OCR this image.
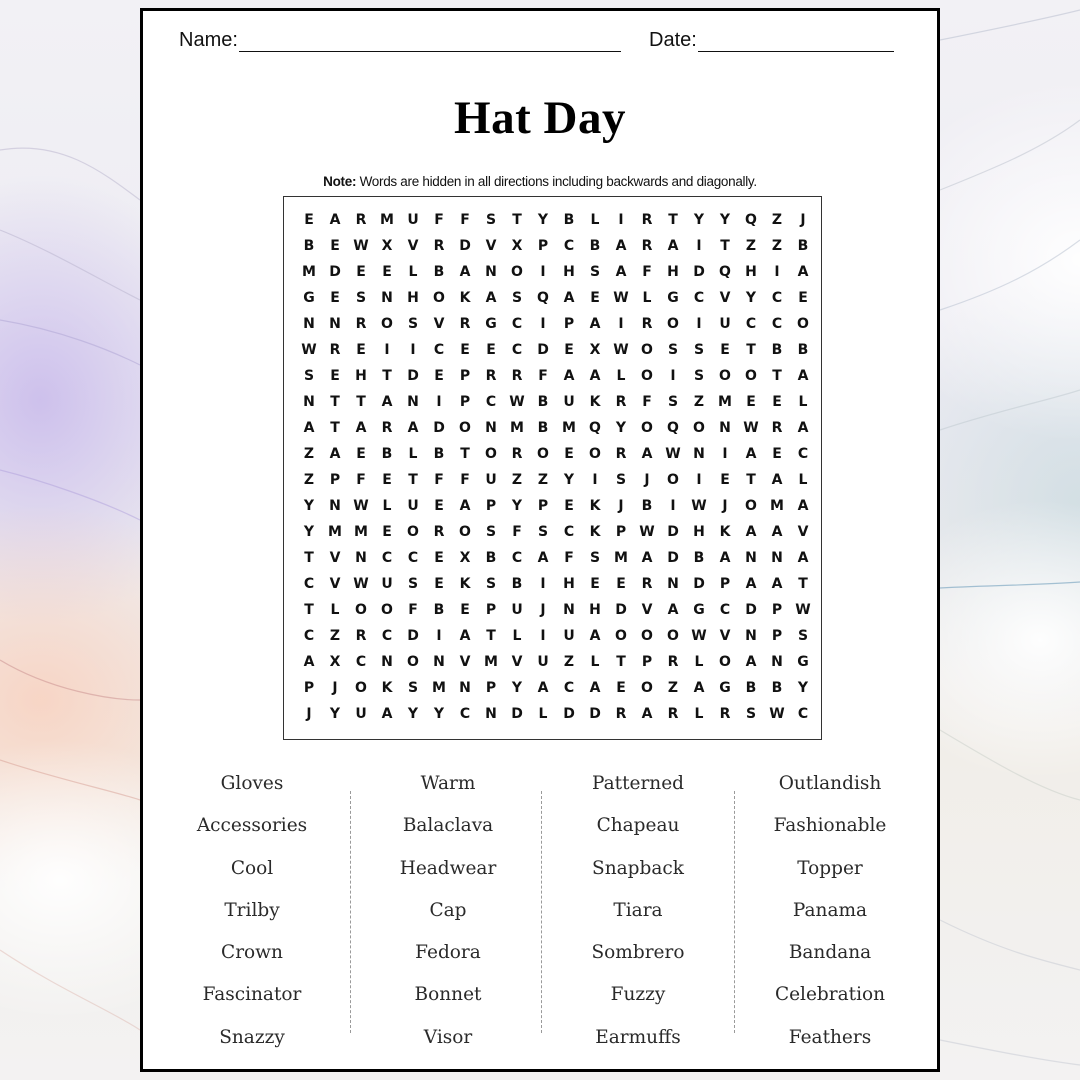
Name:	Date:
Hat Day
Note: Words are hidden in all directions including backwards and diagonally.
E	A	R M U	F	F	S	T	Y	B	L	I	R	T	Y	Y	Q	Z	J
B	E W X	V	R	D	V	X	P	C	B	A	R	A	I	T	Z	Z	B
M D	E	E	L	B	A	N	O	I	H	S	A	F	H	D	Q	H	I	A
G	E	S	N	H	O	K	A	S	Q	A	E W L	G	C	V	Y	C	E
N	N	R	O	S	V	R	G	C	I	P	A	I	R	O	I	U	C	C	O
W R	E	I	I	C	E	E	C	D	E	X W O	S	S	E	T	B	B
S	E	H	T	D	E	P	R	R	F	A	A	L	O	I	S	O	O	T	A
N	T	T	A	N	I	P	C W B	U	K	R	F	S	Z M	E	E	L
A	T	A	R	A	D	O	N M B M Q	Y	O	Q	O	N W R	A
Z	A	E	B	L	B	T	O	R	O	E	O	R	A W N	I	A	E	C
Z	P	F	E	T	F	F	U	Z	Z	Y	I	S	J	O	I	E	T	A	L
Y	N W L	U	E	A	P	Y	P	E	K	J	B	I	W	J	O M A
Y M M	E	O	R	O	S	F	S	C	K	P W D	H	K	A	A	V
T	V	N	C	C	E	X	B	C	A	F	S M A	D	B	A	N	N	A
C	V W U	S	E	K	S	B	I	H	E	E	R	N	D	P	A	A	T
T	L	O	O	F	B	E	P	U	J	N	H	D	V	A	G	C	D	P W
C	Z	R	C	D	I	A	T	L	I	U	A	O	O	O W V	N	P	S
A	X	C	N	O	N	V M V	U	Z	L	T	P	R	L	O	A	N	G
P	J	O	K	S M N	P	Y	A	C	A	E	O	Z	A	G	B	B	Y
J	Y	U	A	Y	Y	C	N	D	L	D	D	R	A	R	L	R	S W C
Gloves
Accessories
Cool
Trilby
Crown
Fascinator
Snazzy
Warm
Balaclava
Headwear
Cap
Fedora
Bonnet
Visor
Patterned
Chapeau
Snapback
Tiara
Sombrero
Fuzzy
Earmuffs
Outlandish
Fashionable
Topper
Panama
Bandana
Celebration
Feathers
